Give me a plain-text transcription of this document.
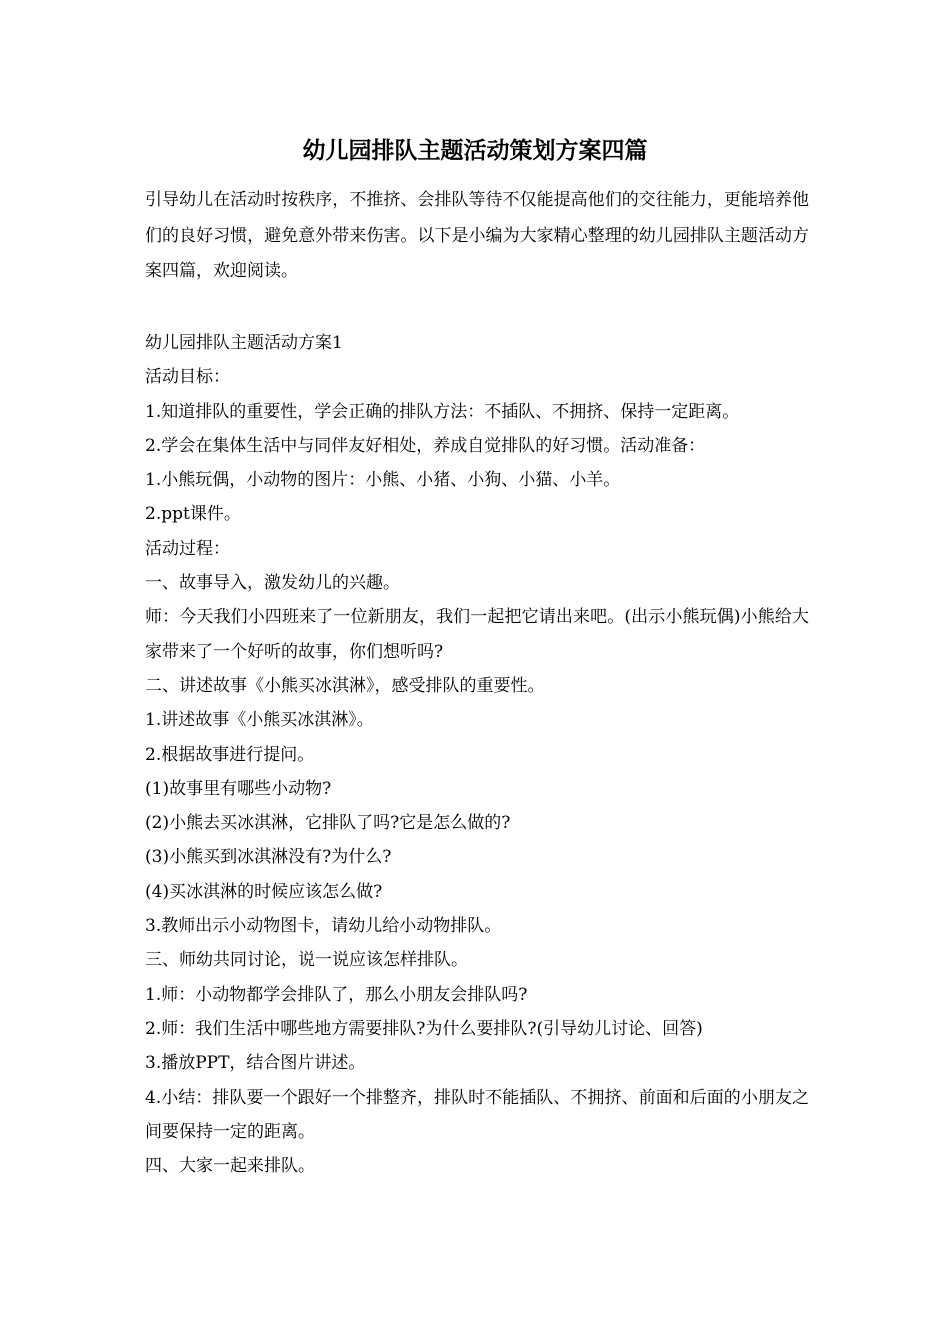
幼儿园排队主题活动策划方案四篇

引导幼儿在活动时按秩序，不推挤、会排队等待不仅能提高他们的交往能力，更能培养他们的良好习惯，避免意外带来伤害。以下是小编为大家精心整理的幼儿园排队主题活动方案四篇，欢迎阅读。

幼儿园排队主题活动方案1

活动目标：

1.知道排队的重要性，学会正确的排队方法：不插队、不拥挤、保持一定距离。

2.学会在集体生活中与同伴友好相处，养成自觉排队的好习惯。活动准备：

1.小熊玩偶，小动物的图片：小熊、小猪、小狗、小猫、小羊。

2.ppt课件。

活动过程：

一、故事导入，激发幼儿的兴趣。

师：今天我们小四班来了一位新朋友，我们一起把它请出来吧。(出示小熊玩偶)小熊给大家带来了一个好听的故事，你们想听吗?

二、讲述故事《小熊买冰淇淋》，感受排队的重要性。

1.讲述故事《小熊买冰淇淋》。

2.根据故事进行提问。

(1)故事里有哪些小动物?

(2)小熊去买冰淇淋，它排队了吗?它是怎么做的?

(3)小熊买到冰淇淋没有?为什么?

(4)买冰淇淋的时候应该怎么做?

3.教师出示小动物图卡，请幼儿给小动物排队。

三、师幼共同讨论，说一说应该怎样排队。

1.师：小动物都学会排队了，那么小朋友会排队吗?

2.师：我们生活中哪些地方需要排队?为什么要排队?(引导幼儿讨论、回答)

3.播放PPT，结合图片讲述。

4.小结：排队要一个跟好一个排整齐，排队时不能插队、不拥挤、前面和后面的小朋友之间要保持一定的距离。

四、大家一起来排队。
